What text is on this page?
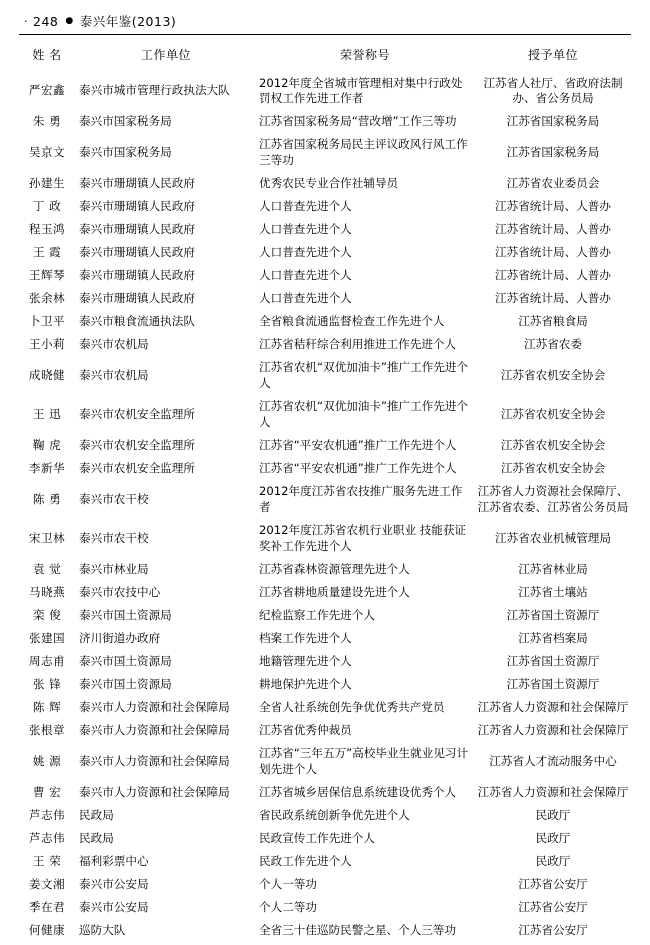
· 248 ● 泰兴年鉴(2013)
姓 名	工作单位	荣誉称号	授予单位
严宏鑫	泰兴市城市管理行政执法大队	2012年度全省城市管理相对集中行政处罚权工作先进工作者	江苏省人社厅、省政府法制办、省公务员局
朱 勇	泰兴市国家税务局	江苏省国家税务局“营改增”工作三等功	江苏省国家税务局
吴京文	泰兴市国家税务局	江苏省国家税务局民主评议政风行风工作三等功	江苏省国家税务局
孙建生	泰兴市珊瑚镇人民政府	优秀农民专业合作社辅导员	江苏省农业委员会
丁 政	泰兴市珊瑚镇人民政府	人口普查先进个人	江苏省统计局、人普办
程玉鸿	泰兴市珊瑚镇人民政府	人口普查先进个人	江苏省统计局、人普办
王 霞	泰兴市珊瑚镇人民政府	人口普查先进个人	江苏省统计局、人普办
王辉琴	泰兴市珊瑚镇人民政府	人口普查先进个人	江苏省统计局、人普办
张余林	泰兴市珊瑚镇人民政府	人口普查先进个人	江苏省统计局、人普办
卜卫平	泰兴市粮食流通执法队	全省粮食流通监督检查工作先进个人	江苏省粮食局
王小莉	泰兴市农机局	江苏省秸秆综合利用推进工作先进个人	江苏省农委
成晓健	泰兴市农机局	江苏省农机“双优加油卡”推广工作先进个人	江苏省农机安全协会
王 迅	泰兴市农机安全监理所	江苏省农机“双优加油卡”推广工作先进个人	江苏省农机安全协会
鞠 虎	泰兴市农机安全监理所	江苏省“平安农机通”推广工作先进个人	江苏省农机安全协会
李新华	泰兴市农机安全监理所	江苏省“平安农机通”推广工作先进个人	江苏省农机安全协会
陈 勇	泰兴市农干校	2012年度江苏省农技推广服务先进工作者	江苏省人力资源社会保障厅、江苏省农委、江苏省公务员局
宋卫林	泰兴市农干校	2012年度江苏省农机行业职业 技能获证奖补工作先进个人	江苏省农业机械管理局
袁 觉	泰兴市林业局	江苏省森林资源管理先进个人	江苏省林业局
马晓燕	泰兴市农技中心	江苏省耕地质量建设先进个人	江苏省土壤站
栾 俊	泰兴市国土资源局	纪检监察工作先进个人	江苏省国土资源厅
张建国	济川街道办政府	档案工作先进个人	江苏省档案局
周志甫	泰兴市国土资源局	地籍管理先进个人	江苏省国土资源厅
张 锋	泰兴市国土资源局	耕地保护先进个人	江苏省国土资源厅
陈 辉	泰兴市人力资源和社会保障局	全省人社系统创先争优优秀共产党员	江苏省人力资源和社会保障厅
张根章	泰兴市人力资源和社会保障局	江苏省优秀仲裁员	江苏省人力资源和社会保障厅
姚 源	泰兴市人力资源和社会保障局	江苏省“三年五万”高校毕业生就业见习计划先进个人	江苏省人才流动服务中心
曹 宏	泰兴市人力资源和社会保障局	江苏省城乡居保信息系统建设优秀个人	江苏省人力资源和社会保障厅
芦志伟	民政局	省民政系统创新争优先进个人	民政厅
芦志伟	民政局	民政宣传工作先进个人	民政厅
王 荣	福利彩票中心	民政工作先进个人	民政厅
姜文湘	泰兴市公安局	个人一等功	江苏省公安厅
季在君	泰兴市公安局	个人二等功	江苏省公安厅
何健康	巡防大队	全省三十佳巡防民警之星、个人三等功	江苏省公安厅
